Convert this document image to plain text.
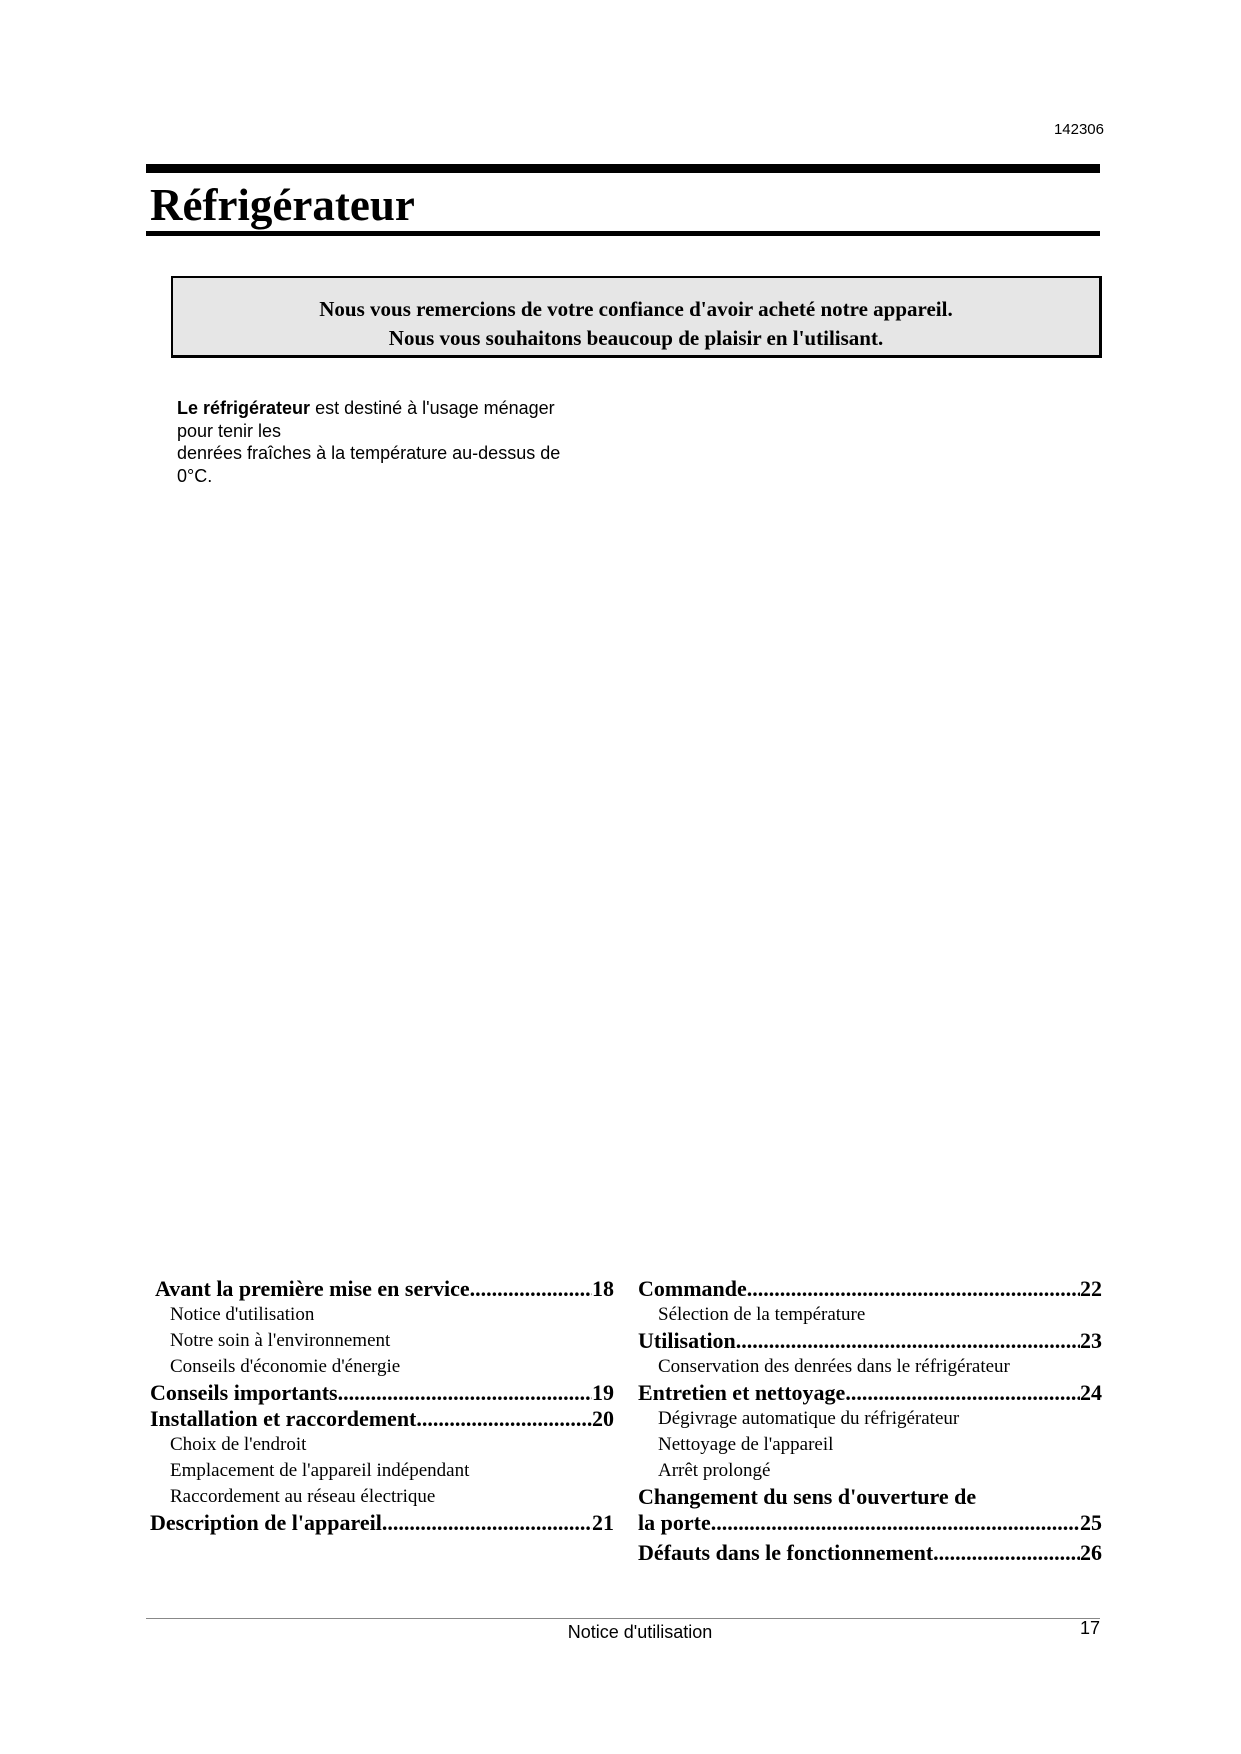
142306
Réfrigérateur
Nous vous remercions de votre confiance d'avoir acheté notre appareil.
Nous vous souhaitons beaucoup de plaisir en l'utilisant.
Le réfrigérateur est destiné à l'usage ménager
pour tenir les
denrées fraîches à la température au-dessus de
0°C.
Avant la première mise en service .....	18
Notice d'utilisation
Notre soin à l'environnement
Conseils d'économie d'énergie
Conseils importants .....	19
Installation et raccordement .....	20
Choix de l'endroit
Emplacement de l'appareil indépendant
Raccordement au réseau électrique
Description de l'appareil .....	21
Commande .....	22
Sélection de la température
Utilisation .....	23
Conservation des denrées dans le réfrigérateur
Entretien et nettoyage .....	24
Dégivrage automatique du réfrigérateur
Nettoyage de l'appareil
Arrêt prolongé
Changement du sens d'ouverture de
la porte .....	25
Défauts dans le fonctionnement .....	26
Notice d'utilisation	17
